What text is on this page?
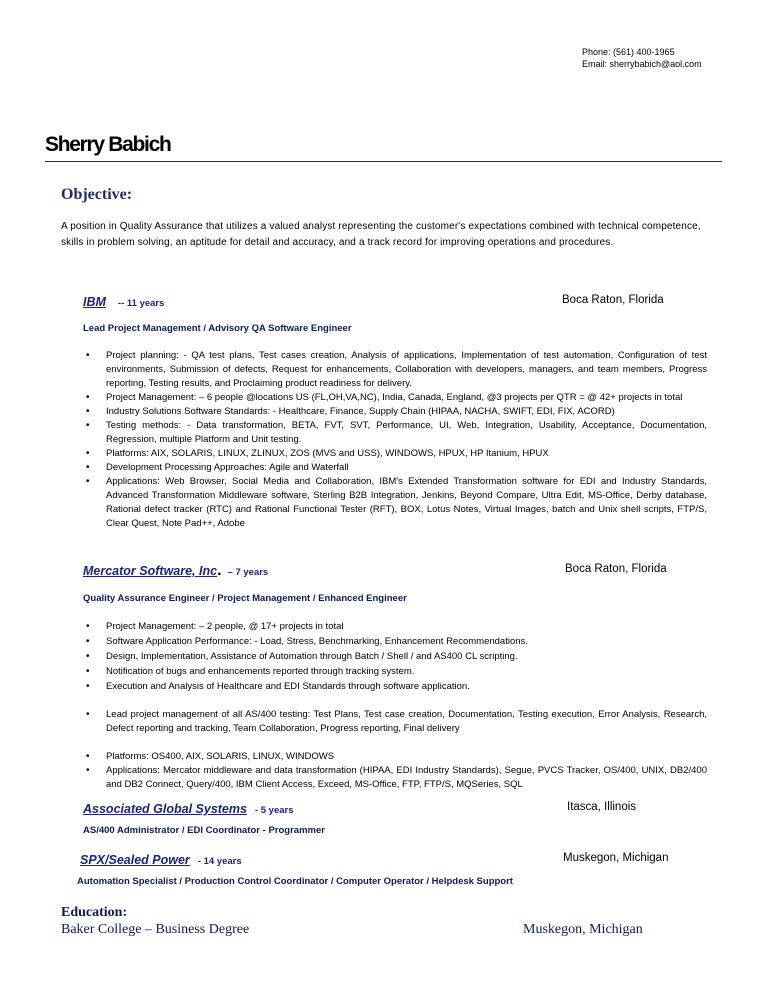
Phone: (561) 400-1965
Email: sherrybabich@aol.com
Sherry Babich
Objective:
A position in Quality Assurance that utilizes a valued analyst representing the customer's expectations combined with technical competence, skills in problem solving, an aptitude for detail and accuracy, and a track record for improving operations and procedures.
IBM -- 11 years	Boca Raton, Florida
Lead Project Management / Advisory QA Software Engineer
• Project planning: - QA test plans, Test cases creation, Analysis of applications, Implementation of test automation, Configuration of test environments, Submission of defects, Request for enhancements, Collaboration with developers, managers, and team members, Progress reporting, Testing results, and Proclaiming product readiness for delivery.
• Project Management: – 6 people @locations US (FL,OH,VA,NC), India, Canada, England, @3 projects per QTR = @ 42+ projects in total
• Industry Solutions Software Standards: - Healthcare, Finance, Supply Chain (HIPAA, NACHA, SWIFT, EDI, FIX, ACORD)
• Testing methods: - Data transformation, BETA, FVT, SVT, Performance, UI, Web, Integration, Usability, Acceptance, Documentation, Regression, multiple Platform and Unit testing.
• Platforms: AIX, SOLARIS, LINUX, ZLINUX, ZOS (MVS and USS), WINDOWS, HPUX, HP Itanium, HPUX
• Development Processing Approaches: Agile and Waterfall
• Applications: Web Browser, Social Media and Collaboration, IBM's Extended Transformation software for EDI and Industry Standards, Advanced Transformation Middleware software, Sterling B2B Integration, Jenkins, Beyond Compare, Ultra Edit, MS-Office, Derby database, Rational defect tracker (RTC) and Rational Functional Tester (RFT), BOX, Lotus Notes, Virtual Images, batch and Unix shell scripts, FTP/S, Clear Quest, Note Pad++, Adobe
Mercator Software, Inc. – 7 years	Boca Raton, Florida
Quality Assurance Engineer / Project Management / Enhanced Engineer
• Project Management: – 2 people, @ 17+ projects in total
• Software Application Performance: - Load, Stress, Benchmarking, Enhancement Recommendations.
• Design, Implementation, Assistance of Automation through Batch / Shell / and AS400 CL scripting.
• Notification of bugs and enhancements reported through tracking system.
• Execution and Analysis of Healthcare and EDI Standards through software application.
• Lead project management of all AS/400 testing: Test Plans, Test case creation, Documentation, Testing execution, Error Analysis, Research, Defect reporting and tracking, Team Collaboration, Progress reporting, Final delivery
• Platforms: OS400, AIX, SOLARIS, LINUX, WINDOWS
• Applications: Mercator middleware and data transformation (HIPAA, EDI Industry Standards), Segue, PVCS Tracker, OS/400, UNIX, DB2/400 and DB2 Connect, Query/400, IBM Client Access, Exceed, MS-Office, FTP, FTP/S, MQSeries, SQL
Associated Global Systems - 5 years	Itasca, Illinois
AS/400 Administrator / EDI Coordinator - Programmer
SPX/Sealed Power - 14 years	Muskegon, Michigan
Automation Specialist / Production Control Coordinator / Computer Operator / Helpdesk Support
Education:
Baker College – Business Degree	Muskegon, Michigan
